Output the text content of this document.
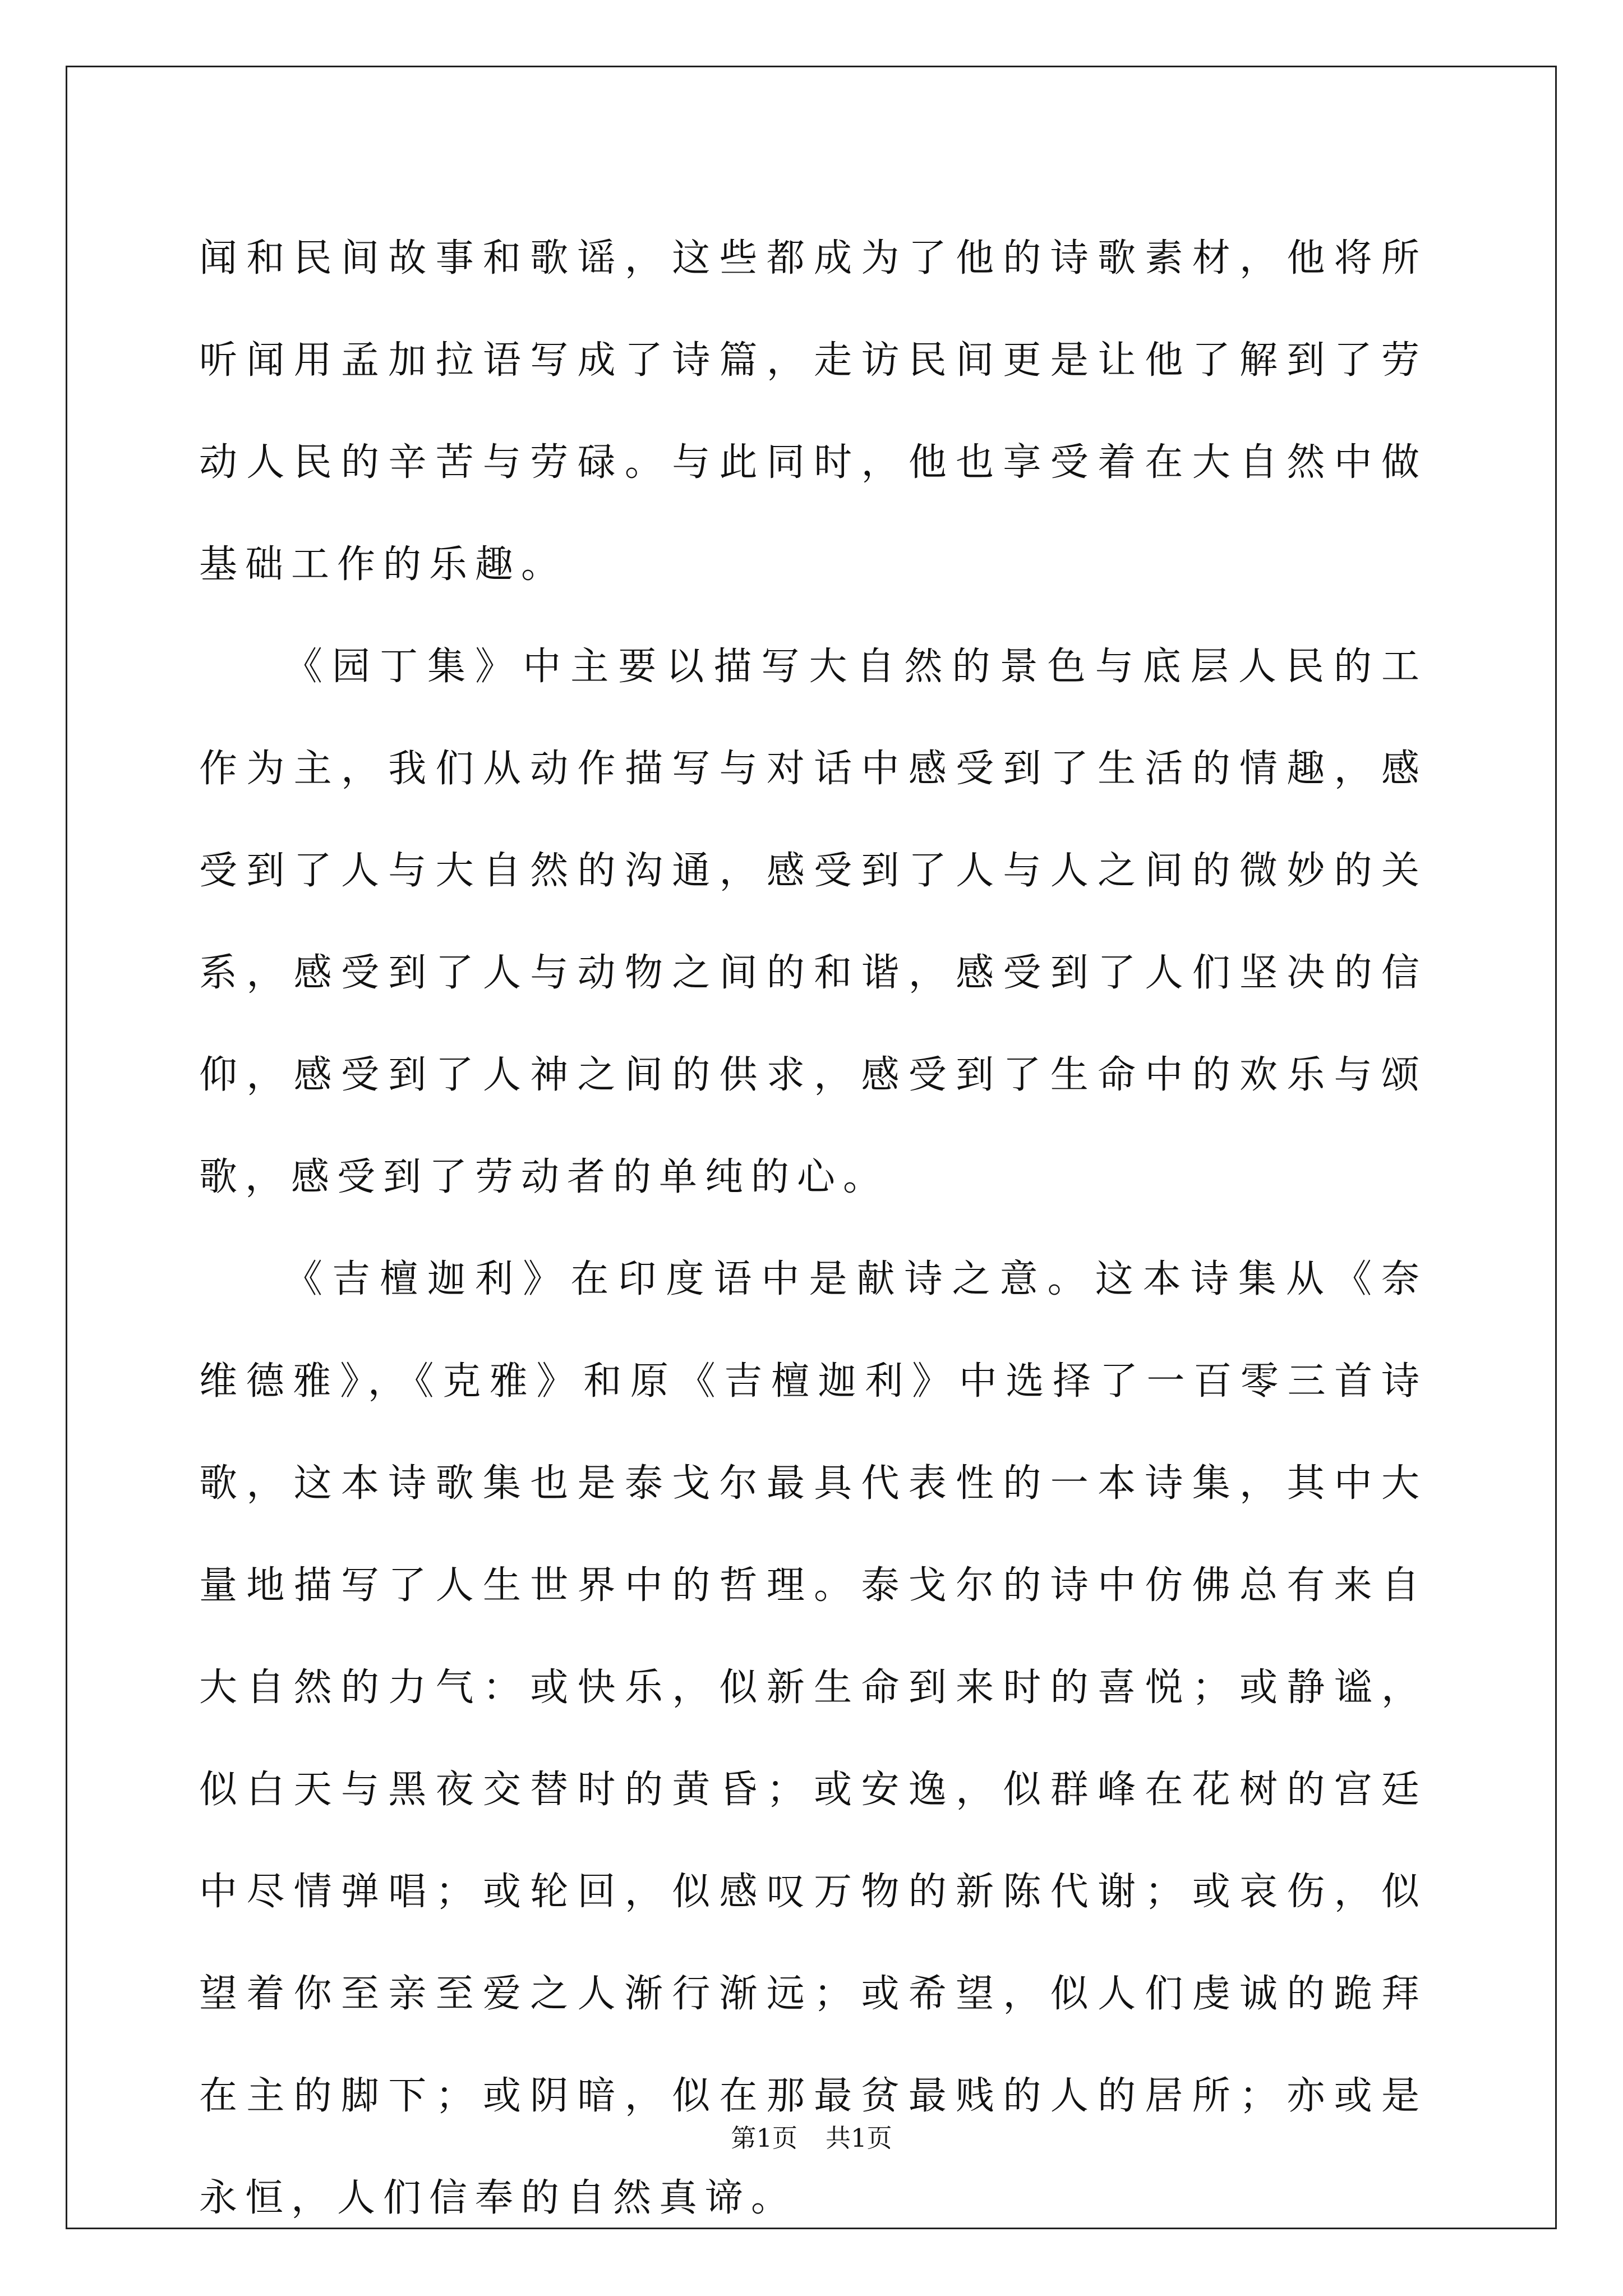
闻和民间故事和歌谣，这些都成为了他的诗歌素材，他将所听闻用孟加拉语写成了诗篇，走访民间更是让他了解到了劳动人民的辛苦与劳碌。与此同时，他也享受着在大自然中做基础工作的乐趣。

《园丁集》中主要以描写大自然的景色与底层人民的工作为主，我们从动作描写与对话中感受到了生活的情趣，感受到了人与大自然的沟通，感受到了人与人之间的微妙的关系，感受到了人与动物之间的和谐，感受到了人们坚决的信仰，感受到了人神之间的供求，感受到了生命中的欢乐与颂歌，感受到了劳动者的单纯的心。

《吉檀迦利》在印度语中是献诗之意。这本诗集从《奈维德雅》，《克雅》和原《吉檀迦利》中选择了一百零三首诗歌，这本诗歌集也是泰戈尔最具代表性的一本诗集，其中大量地描写了人生世界中的哲理。泰戈尔的诗中仿佛总有来自大自然的力气：或快乐，似新生命到来时的喜悦；或静谧，似白天与黑夜交替时的黄昏；或安逸，似群峰在花树的宫廷中尽情弹唱；或轮回，似感叹万物的新陈代谢；或哀伤，似望着你至亲至爱之人渐行渐远；或希望，似人们虔诚的跪拜在主的脚下；或阴暗，似在那最贫最贱的人的居所；亦或是永恒，人们信奉的自然真谛。

第1页 共1页
